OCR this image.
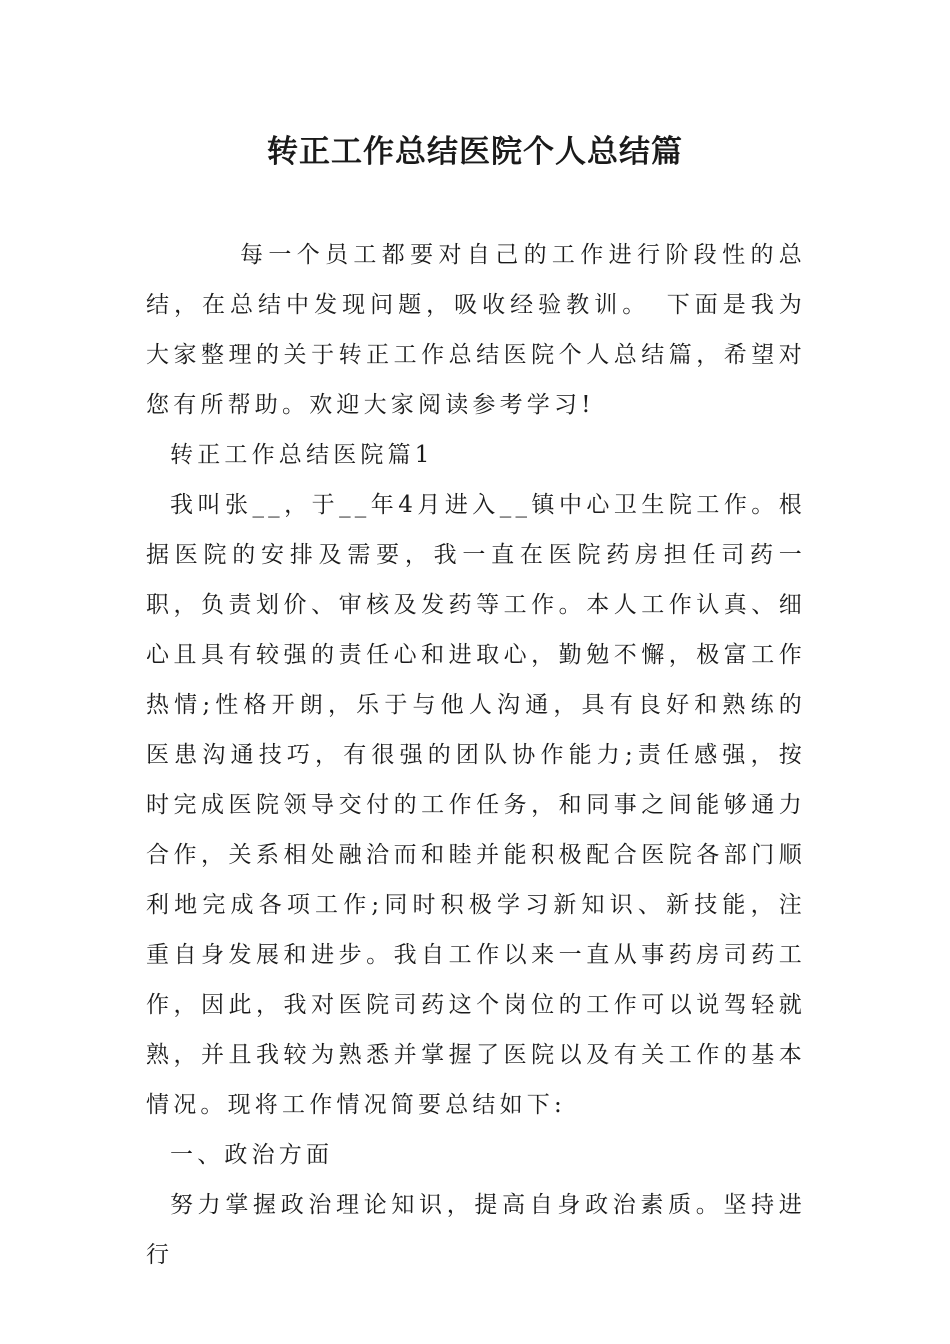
转正工作总结医院个人总结篇

每一个员工都要对自己的工作进行阶段性的总结，在总结中发现问题，吸收经验教训。　下面是我为大家整理的关于转正工作总结医院个人总结篇，希望对您有所帮助。欢迎大家阅读参考学习!

转正工作总结医院篇1

我叫张__，于__年4月进入__镇中心卫生院工作。根据医院的安排及需要，我一直在医院药房担任司药一职，负责划价、审核及发药等工作。本人工作认真、细心且具有较强的责任心和进取心，勤勉不懈，极富工作热情;性格开朗，乐于与他人沟通，具有良好和熟练的医患沟通技巧，有很强的团队协作能力;责任感强，按时完成医院领导交付的工作任务，和同事之间能够通力合作，关系相处融洽而和睦并能积极配合医院各部门顺利地完成各项工作;同时积极学习新知识、新技能，注重自身发展和进步。我自工作以来一直从事药房司药工作，因此，我对医院司药这个岗位的工作可以说驾轻就熟，并且我较为熟悉并掌握了医院以及有关工作的基本情况。现将工作情况简要总结如下:

一、政治方面

努力掌握政治理论知识，提高自身政治素质。坚持进行
